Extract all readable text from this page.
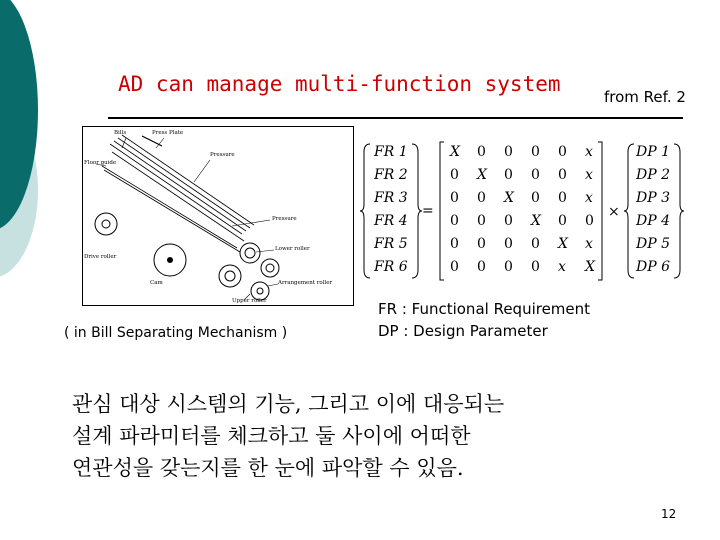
AD can manage multi-function system
from Ref. 2
Bills	Press Plate
Pressure
Floor guide
Pressure
Lower roller
Drive roller
Cam	Arrangement roller
Upper roller
( in Bill Separating Mechanism )
=	×
FR 1
FR 2
FR 3
FR 4
FR 5
FR 6
X 0 0 0 0 x
0 X 0 0 0 x
0 0 X 0 0 x
0 0 0 X 0 0
0 0 0 0 X x
0 0 0 0 x X
DP 1
DP 2
DP 3
DP 4
DP 5
DP 6
FR : Functional Requirement
DP : Design Parameter
관심 대상 시스템의 기능, 그리고 이에 대응되는
설계 파라미터를 체크하고 둘 사이에 어떠한
연관성을 갖는지를 한 눈에 파악할 수 있음.
12
